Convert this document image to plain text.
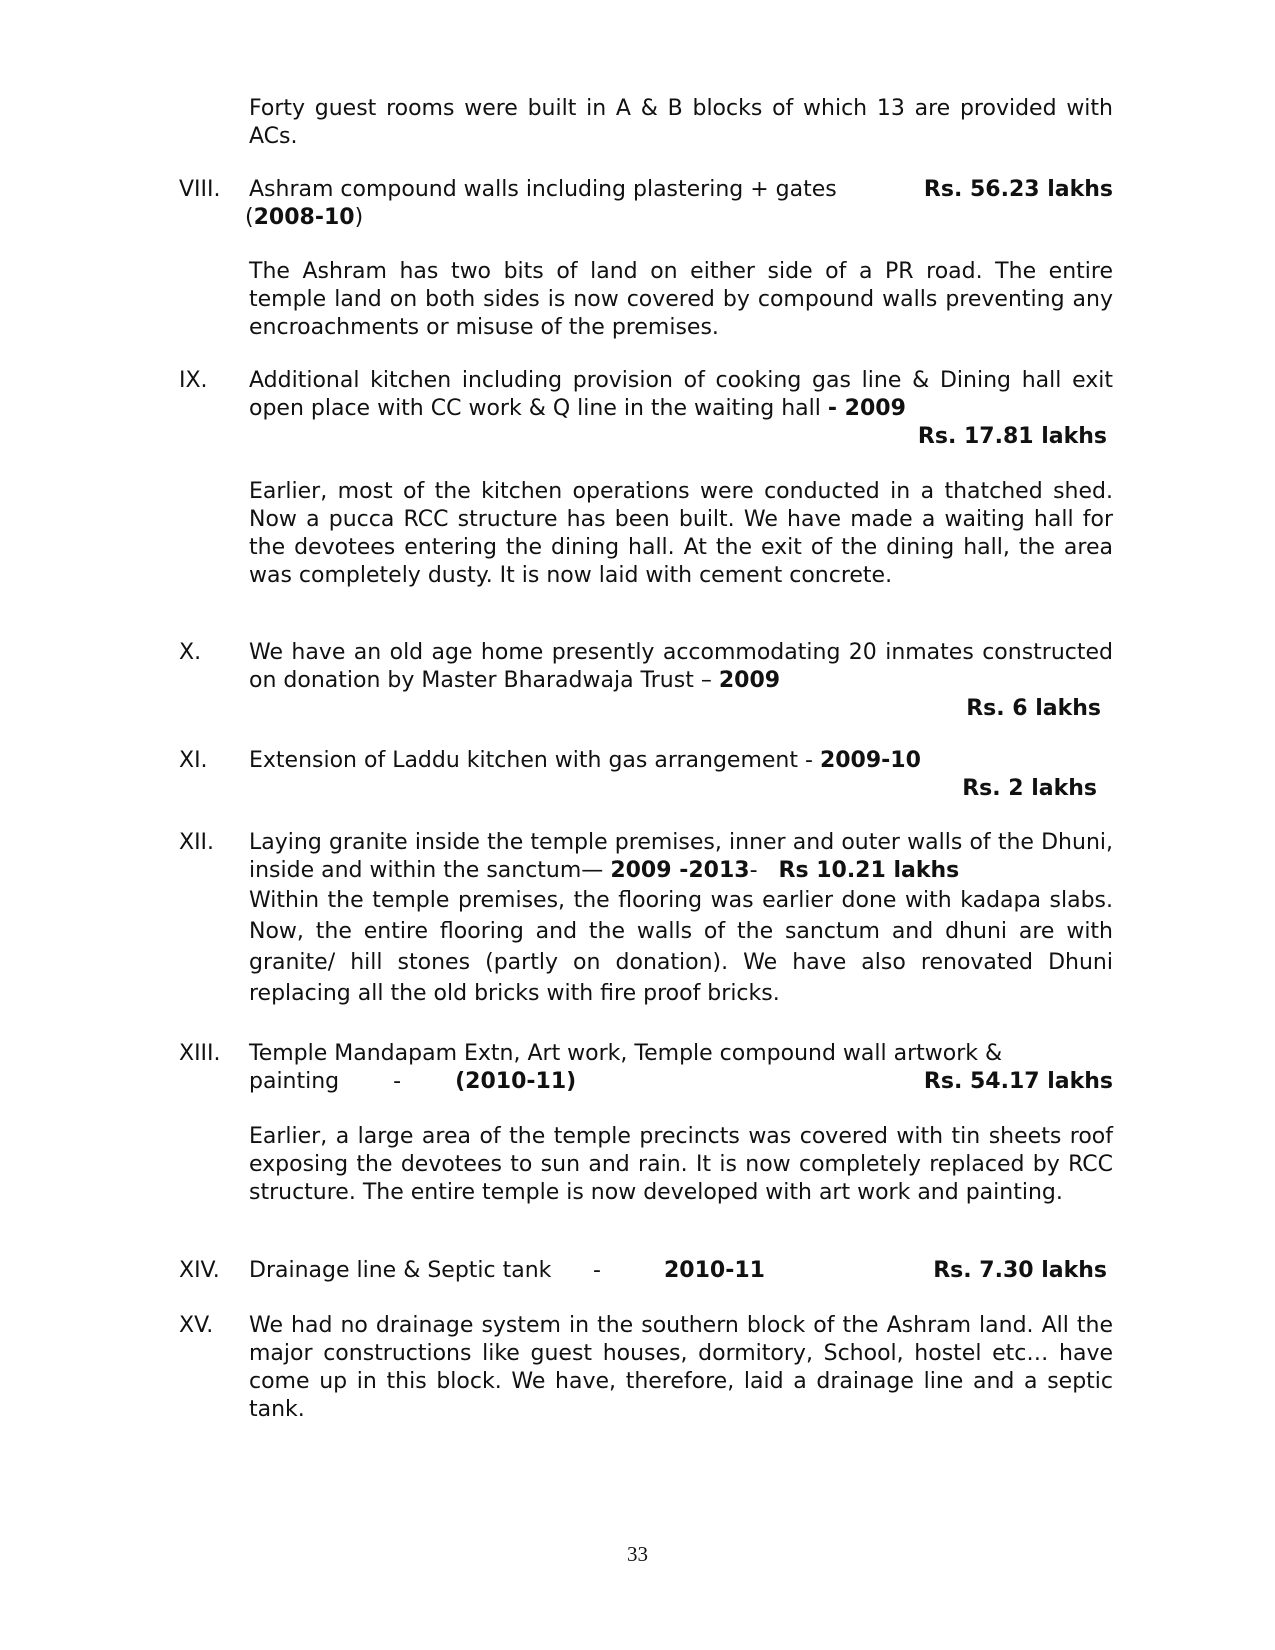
Forty guest rooms were built in A & B blocks of which 13 are provided with ACs.
VIII. Ashram compound walls including plastering + gates	Rs. 56.23 lakhs
(2008-10)
The Ashram has two bits of land on either side of a PR road. The entire temple land on both sides is now covered by compound walls preventing any encroachments or misuse of the premises.
IX. Additional kitchen including provision of cooking gas line & Dining hall exit open place with CC work & Q line in the waiting hall - 2009
Rs. 17.81 lakhs
Earlier, most of the kitchen operations were conducted in a thatched shed. Now a pucca RCC structure has been built. We have made a waiting hall for the devotees entering the dining hall. At the exit of the dining hall, the area was completely dusty. It is now laid with cement concrete.
X. We have an old age home presently accommodating 20 inmates constructed on donation by Master Bharadwaja Trust – 2009
Rs. 6 lakhs
XI. Extension of Laddu kitchen with gas arrangement - 2009-10
Rs. 2 lakhs
XII. Laying granite inside the temple premises, inner and outer walls of the Dhuni, inside and within the sanctum— 2009 -2013- Rs 10.21 lakhs
Within the temple premises, the flooring was earlier done with kadapa slabs. Now, the entire flooring and the walls of the sanctum and dhuni are with granite/ hill stones (partly on donation). We have also renovated Dhuni replacing all the old bricks with fire proof bricks.
XIII. Temple Mandapam Extn, Art work, Temple compound wall artwork &
painting - (2010-11)	Rs. 54.17 lakhs
Earlier, a large area of the temple precincts was covered with tin sheets roof exposing the devotees to sun and rain. It is now completely replaced by RCC structure. The entire temple is now developed with art work and painting.
XIV. Drainage line & Septic tank -	2010-11	Rs. 7.30 lakhs
XV. We had no drainage system in the southern block of the Ashram land. All the major constructions like guest houses, dormitory, School, hostel etc… have come up in this block. We have, therefore, laid a drainage line and a septic tank.
33
